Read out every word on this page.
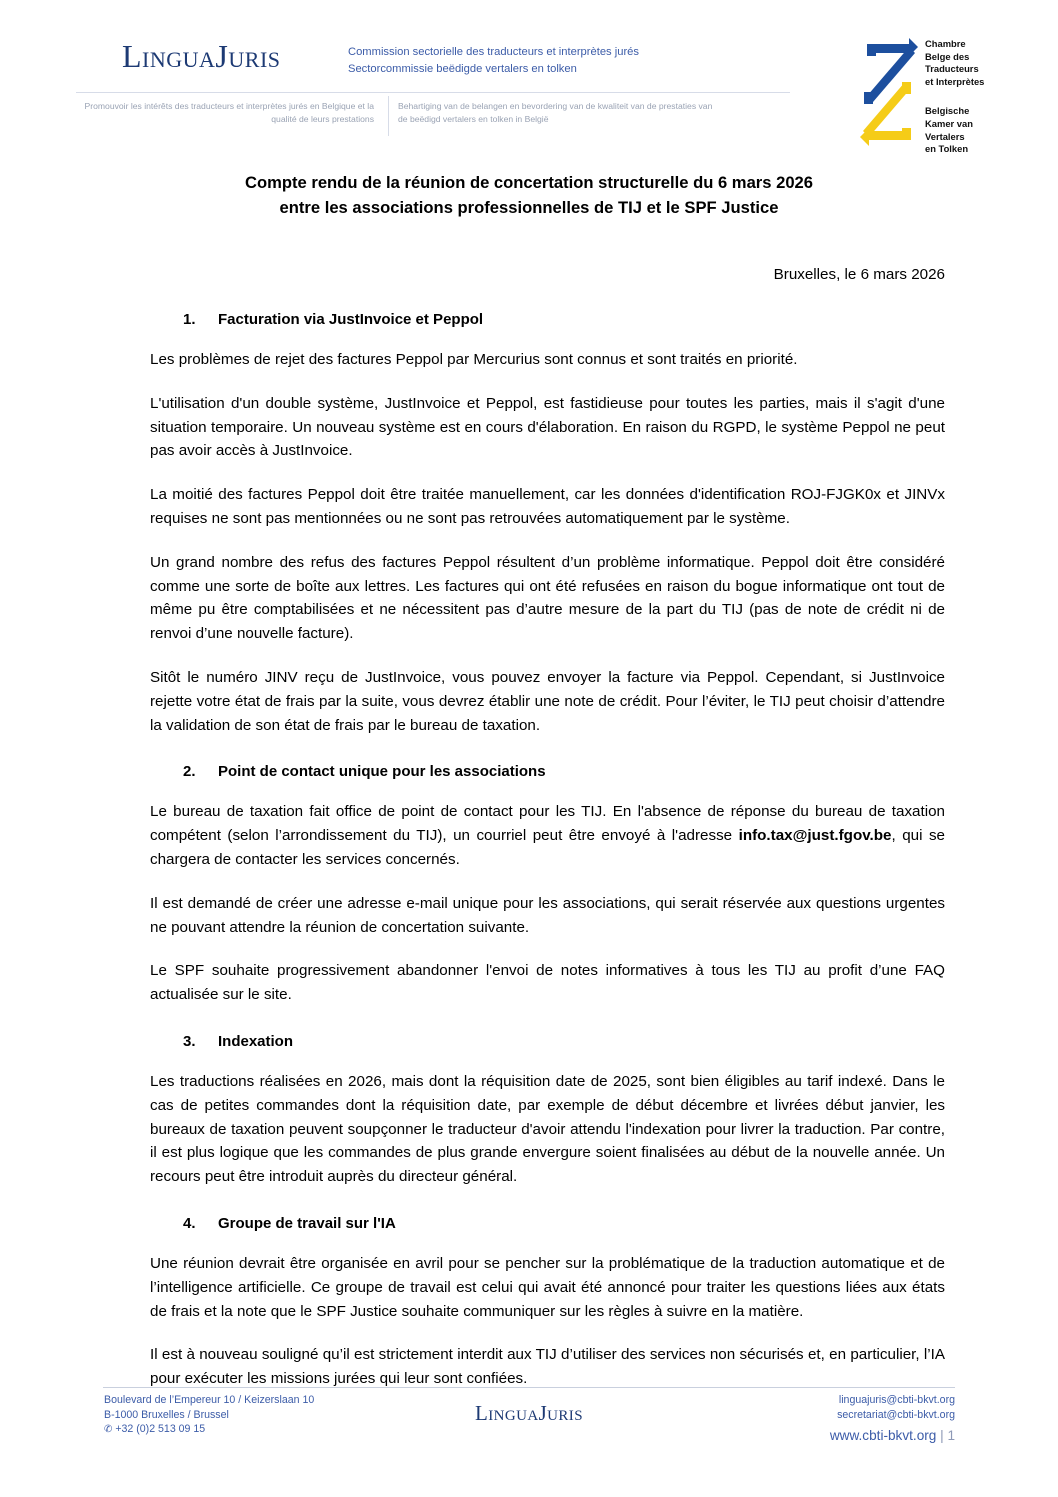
LinguaJuris	Commission sectorielle des traducteurs et interprètes jurés
Sectorcommissie beëdigde vertalers en tolken
Promouvoir les intérêts des traducteurs et interprètes jurés en Belgique et la qualité de leurs prestations
Behartiging van de belangen en bevordering van de kwaliteit van de prestaties van de beëdigd vertalers en tolken in België
Chambre
Belge des
Traducteurs
et Interprètes
Belgische
Kamer van
Vertalers
en Tolken
Compte rendu de la réunion de concertation structurelle du 6 mars 2026
entre les associations professionnelles de TIJ et le SPF Justice
Bruxelles, le 6 mars 2026
1. Facturation via JustInvoice et Peppol

Les problèmes de rejet des factures Peppol par Mercurius sont connus et sont traités en priorité.

L'utilisation d'un double système, JustInvoice et Peppol, est fastidieuse pour toutes les parties, mais il s'agit d'une situation temporaire. Un nouveau système est en cours d'élaboration. En raison du RGPD, le système Peppol ne peut pas avoir accès à JustInvoice.

La moitié des factures Peppol doit être traitée manuellement, car les données d'identification ROJ-FJGK0x et JINVx requises ne sont pas mentionnées ou ne sont pas retrouvées automatiquement par le système.

Un grand nombre des refus des factures Peppol résultent d’un problème informatique. Peppol doit être considéré comme une sorte de boîte aux lettres. Les factures qui ont été refusées en raison du bogue informatique ont tout de même pu être comptabilisées et ne nécessitent pas d’autre mesure de la part du TIJ (pas de note de crédit ni de renvoi d’une nouvelle facture).

Sitôt le numéro JINV reçu de JustInvoice, vous pouvez envoyer la facture via Peppol. Cependant, si JustInvoice rejette votre état de frais par la suite, vous devrez établir une note de crédit. Pour l’éviter, le TIJ peut choisir d’attendre la validation de son état de frais par le bureau de taxation.

2. Point de contact unique pour les associations

Le bureau de taxation fait office de point de contact pour les TIJ. En l'absence de réponse du bureau de taxation compétent (selon l’arrondissement du TIJ), un courriel peut être envoyé à l'adresse info.tax@just.fgov.be, qui se chargera de contacter les services concernés.

Il est demandé de créer une adresse e-mail unique pour les associations, qui serait réservée aux questions urgentes ne pouvant attendre la réunion de concertation suivante.

Le SPF souhaite progressivement abandonner l'envoi de notes informatives à tous les TIJ au profit d’une FAQ actualisée sur le site.

3. Indexation

Les traductions réalisées en 2026, mais dont la réquisition date de 2025, sont bien éligibles au tarif indexé. Dans le cas de petites commandes dont la réquisition date, par exemple de début décembre et livrées début janvier, les bureaux de taxation peuvent soupçonner le traducteur d'avoir attendu l'indexation pour livrer la traduction. Par contre, il est plus logique que les commandes de plus grande envergure soient finalisées au début de la nouvelle année. Un recours peut être introduit auprès du directeur général.

4. Groupe de travail sur l'IA

Une réunion devrait être organisée en avril pour se pencher sur la problématique de la traduction automatique et de l’intelligence artificielle. Ce groupe de travail est celui qui avait été annoncé pour traiter les questions liées aux états de frais et la note que le SPF Justice souhaite communiquer sur les règles à suivre en la matière.

Il est à nouveau souligné qu’il est strictement interdit aux TIJ d’utiliser des services non sécurisés et, en particulier, l’IA pour exécuter les missions jurées qui leur sont confiées.

Boulevard de l’Empereur 10 / Keizerslaan 10
B-1000 Bruxelles / Brussel
✆ +32 (0)2 513 09 15
LinguaJuris
linguajuris@cbti-bkvt.org
secretariat@cbti-bkvt.org
www.cbti-bkvt.org | 1
